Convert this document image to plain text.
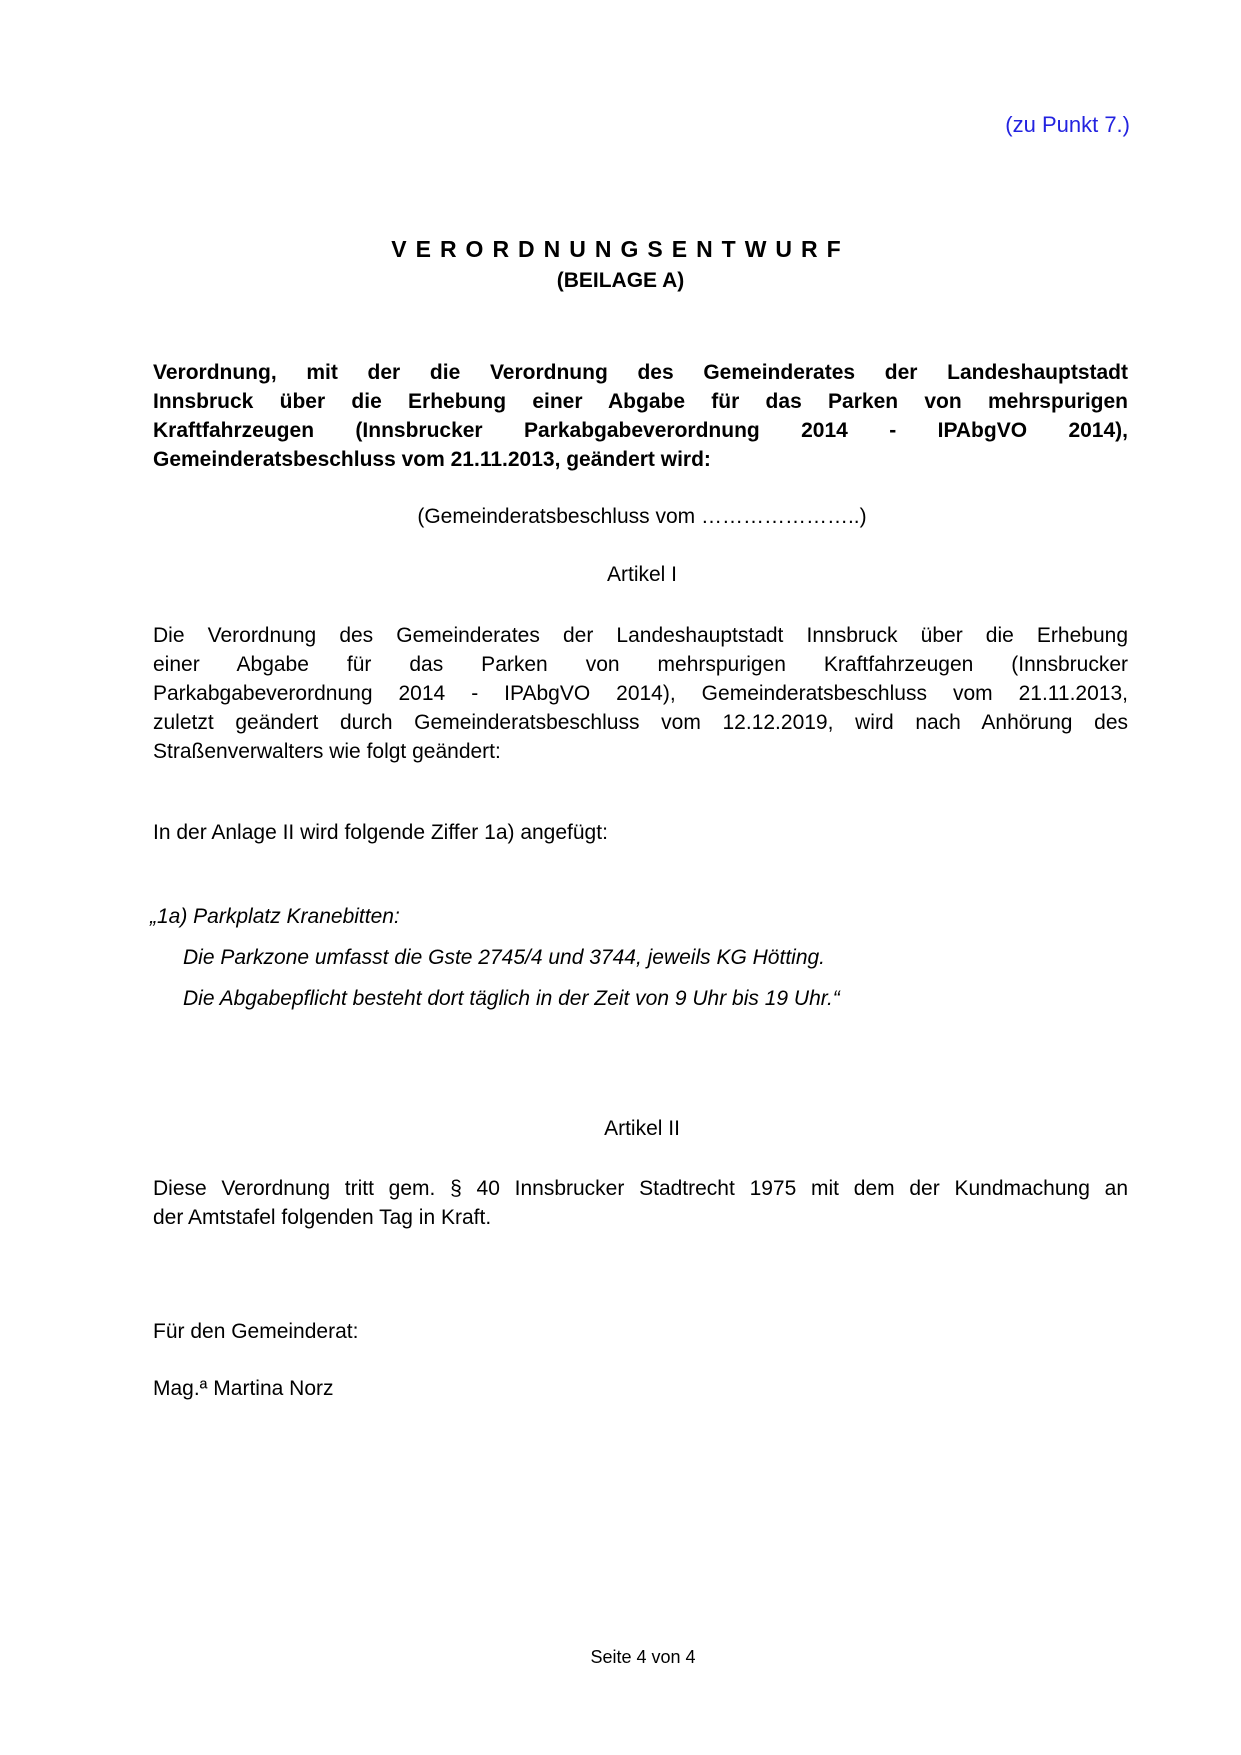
(zu Punkt 7.)
VERORDNUNGSENTWURF
(BEILAGE A)
Verordnung, mit der die Verordnung des Gemeinderates der Landeshauptstadt
Innsbruck über die Erhebung einer Abgabe für das Parken von mehrspurigen
Kraftfahrzeugen (Innsbrucker Parkabgabeverordnung 2014 - IPAbgVO 2014),
Gemeinderatsbeschluss vom 21.11.2013, geändert wird:
(Gemeinderatsbeschluss vom …………………..)
Artikel I
Die Verordnung des Gemeinderates der Landeshauptstadt Innsbruck über die Erhebung
einer Abgabe für das Parken von mehrspurigen Kraftfahrzeugen (Innsbrucker
Parkabgabeverordnung 2014 - IPAbgVO 2014), Gemeinderatsbeschluss vom 21.11.2013,
zuletzt geändert durch Gemeinderatsbeschluss vom 12.12.2019, wird nach Anhörung des
Straßenverwalters wie folgt geändert:
In der Anlage II wird folgende Ziffer 1a) angefügt:
„1a) Parkplatz Kranebitten:
Die Parkzone umfasst die Gste 2745/4 und 3744, jeweils KG Hötting.
Die Abgabepflicht besteht dort täglich in der Zeit von 9 Uhr bis 19 Uhr.“
Artikel II
Diese Verordnung tritt gem. § 40 Innsbrucker Stadtrecht 1975 mit dem der Kundmachung an
der Amtstafel folgenden Tag in Kraft.
Für den Gemeinderat:
Mag.ª Martina Norz
Seite 4 von 4
